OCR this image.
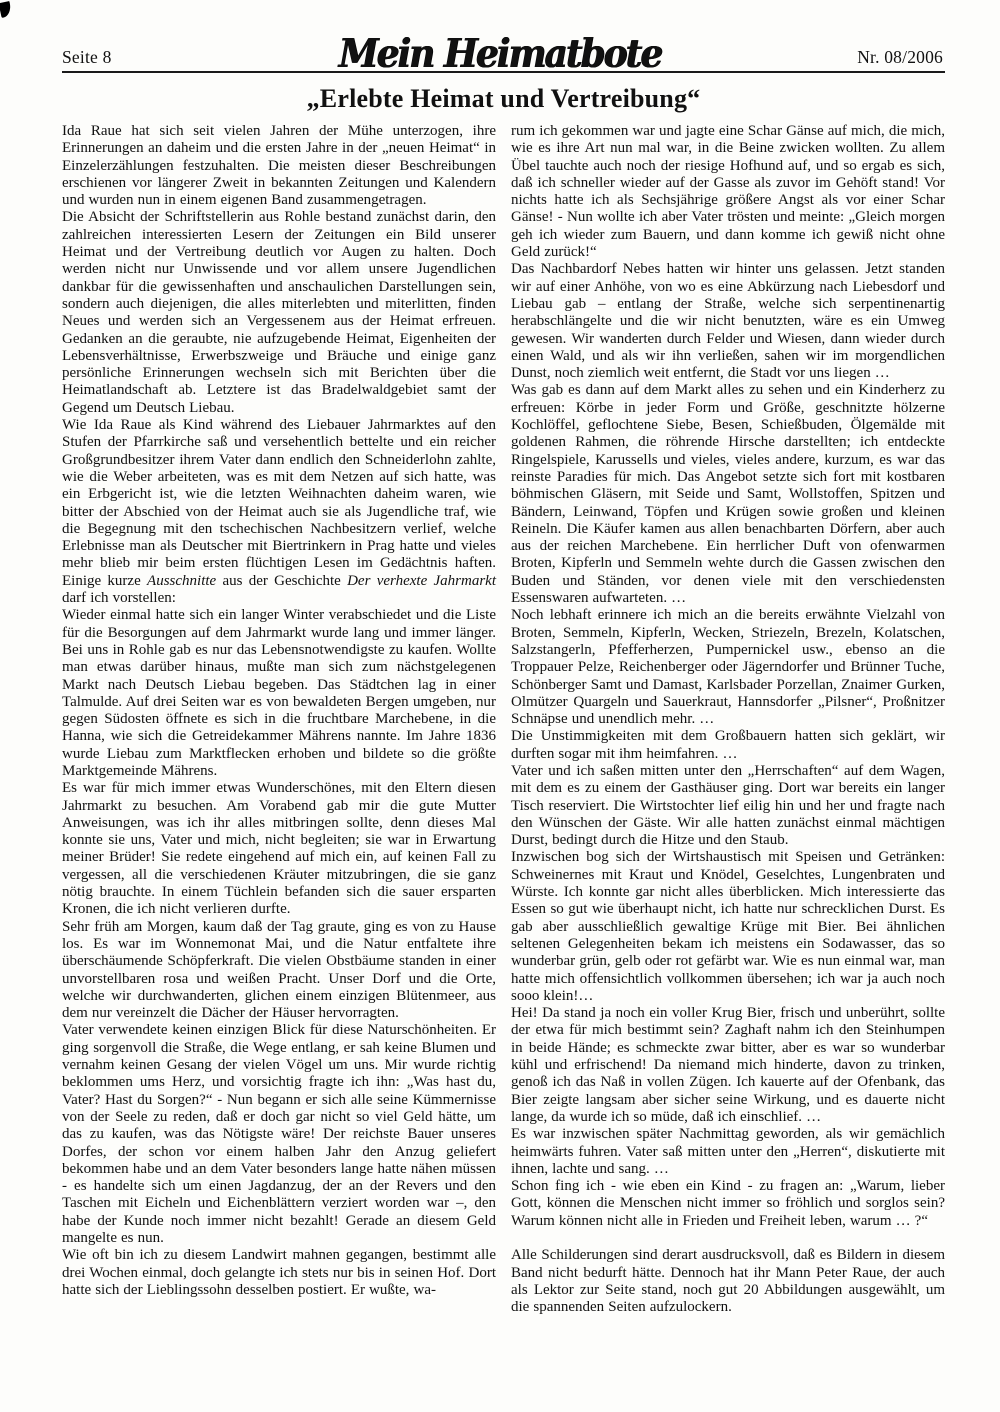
Seite 8	Mein Heimatbote	Nr. 08/2006
„Erlebte Heimat und Vertreibung“

Ida Raue hat sich seit vielen Jahren der Mühe unterzogen, ihre Erinnerungen an daheim und die ersten Jahre in der „neuen Heimat“ in Einzelerzählungen festzuhalten. Die meisten dieser Beschreibungen erschienen vor längerer Zweit in bekannten Zeitungen und Kalendern und wurden nun in einem eigenen Band zusammengetragen.

Die Absicht der Schriftstellerin aus Rohle bestand zunächst darin, den zahlreichen interessierten Lesern der Zeitungen ein Bild unserer Heimat und der Vertreibung deutlich vor Augen zu halten. Doch werden nicht nur Unwissende und vor allem unsere Jugendlichen dankbar für die gewissenhaften und anschaulichen Darstellungen sein, sondern auch diejenigen, die alles miterlebten und miterlitten, finden Neues und werden sich an Vergessenem aus der Heimat erfreuen. Gedanken an die geraubte, nie aufzugebende Heimat, Eigenheiten der Lebensverhältnisse, Erwerbszweige und Bräuche und einige ganz persönliche Erinnerungen wechseln sich mit Berichten über die Heimatlandschaft ab. Letztere ist das Bradelwaldgebiet samt der Gegend um Deutsch Liebau.

Wie Ida Raue als Kind während des Liebauer Jahrmarktes auf den Stufen der Pfarrkirche saß und versehentlich bettelte und ein reicher Großgrundbesitzer ihrem Vater dann endlich den Schneiderlohn zahlte, wie die Weber arbeiteten, was es mit dem Netzen auf sich hatte, was ein Erbgericht ist, wie die letzten Weihnachten daheim waren, wie bitter der Abschied von der Heimat auch sie als Jugendliche traf, wie die Begegnung mit den tschechischen Nachbesitzern verlief, welche Erlebnisse man als Deutscher mit Biertrinkern in Prag hatte und vieles mehr blieb mir beim ersten flüchtigen Lesen im Gedächtnis haften. Einige kurze Ausschnitte aus der Geschichte Der verhexte Jahrmarkt darf ich vorstellen:

Wieder einmal hatte sich ein langer Winter verabschiedet und die Liste für die Besorgungen auf dem Jahrmarkt wurde lang und immer länger. Bei uns in Rohle gab es nur das Lebensnotwendigste zu kaufen. Wollte man etwas darüber hinaus, mußte man sich zum nächstgelegenen Markt nach Deutsch Liebau begeben. Das Städtchen lag in einer Talmulde. Auf drei Seiten war es von bewaldeten Bergen umgeben, nur gegen Südosten öffnete es sich in die fruchtbare Marchebene, in die Hanna, wie sich die Getreidekammer Mährens nannte. Im Jahre 1836 wurde Liebau zum Marktflecken erhoben und bildete so die größte Marktgemeinde Mährens.

Es war für mich immer etwas Wunderschönes, mit den Eltern diesen Jahrmarkt zu besuchen. Am Vorabend gab mir die gute Mutter Anweisungen, was ich ihr alles mitbringen sollte, denn dieses Mal konnte sie uns, Vater und mich, nicht begleiten; sie war in Erwartung meiner Brüder! Sie redete eingehend auf mich ein, auf keinen Fall zu vergessen, all die verschiedenen Kräuter mitzubringen, die sie ganz nötig brauchte. In einem Tüchlein befanden sich die sauer ersparten Kronen, die ich nicht verlieren durfte.

Sehr früh am Morgen, kaum daß der Tag graute, ging es von zu Hause los. Es war im Wonnemonat Mai, und die Natur entfaltete ihre überschäumende Schöpferkraft. Die vielen Obstbäume standen in einer unvorstellbaren rosa und weißen Pracht. Unser Dorf und die Orte, welche wir durchwanderten, glichen einem einzigen Blütenmeer, aus dem nur vereinzelt die Dächer der Häuser hervorragten.

Vater verwendete keinen einzigen Blick für diese Naturschönheiten. Er ging sorgenvoll die Straße, die Wege entlang, er sah keine Blumen und vernahm keinen Gesang der vielen Vögel um uns. Mir wurde richtig beklommen ums Herz, und vorsichtig fragte ich ihn: „Was hast du, Vater? Hast du Sorgen?“ - Nun begann er sich alle seine Kümmernisse von der Seele zu reden, daß er doch gar nicht so viel Geld hätte, um das zu kaufen, was das Nötigste wäre! Der reichste Bauer unseres Dorfes, der schon vor einem halben Jahr den Anzug geliefert bekommen habe und an dem Vater besonders lange hatte nähen müssen - es handelte sich um einen Jagdanzug, der an der Revers und den Taschen mit Eicheln und Eichenblättern verziert worden war –, den habe der Kunde noch immer nicht bezahlt! Gerade an diesem Geld mangelte es nun.

Wie oft bin ich zu diesem Landwirt mahnen gegangen, bestimmt alle drei Wochen einmal, doch gelangte ich stets nur bis in seinen Hof. Dort hatte sich der Lieblingssohn desselben postiert. Er wußte, wa-

rum ich gekommen war und jagte eine Schar Gänse auf mich, die mich, wie es ihre Art nun mal war, in die Beine zwicken wollten. Zu allem Übel tauchte auch noch der riesige Hofhund auf, und so ergab es sich, daß ich schneller wieder auf der Gasse als zuvor im Gehöft stand! Vor nichts hatte ich als Sechsjährige größere Angst als vor einer Schar Gänse! - Nun wollte ich aber Vater trösten und meinte: „Gleich morgen geh ich wieder zum Bauern, und dann komme ich gewiß nicht ohne Geld zurück!“

Das Nachbardorf Nebes hatten wir hinter uns gelassen. Jetzt standen wir auf einer Anhöhe, von wo es eine Abkürzung nach Liebesdorf und Liebau gab – entlang der Straße, welche sich serpentinenartig herabschlängelte und die wir nicht benutzten, wäre es ein Umweg gewesen. Wir wanderten durch Felder und Wiesen, dann wieder durch einen Wald, und als wir ihn verließen, sahen wir im morgendlichen Dunst, noch ziemlich weit entfernt, die Stadt vor uns liegen …

Was gab es dann auf dem Markt alles zu sehen und ein Kinderherz zu erfreuen: Körbe in jeder Form und Größe, geschnitzte hölzerne Kochlöffel, geflochtene Siebe, Besen, Schießbuden, Ölgemälde mit goldenen Rahmen, die röhrende Hirsche darstellten; ich entdeckte Ringelspiele, Karussells und vieles, vieles andere, kurzum, es war das reinste Paradies für mich. Das Angebot setzte sich fort mit kostbaren böhmischen Gläsern, mit Seide und Samt, Wollstoffen, Spitzen und Bändern, Leinwand, Töpfen und Krügen sowie großen und kleinen Reineln. Die Käufer kamen aus allen benachbarten Dörfern, aber auch aus der reichen Marchebene. Ein herrlicher Duft von ofenwarmen Broten, Kipferln und Semmeln wehte durch die Gassen zwischen den Buden und Ständen, vor denen viele mit den verschiedensten Essenswaren aufwarteten. …

Noch lebhaft erinnere ich mich an die bereits erwähnte Vielzahl von Broten, Semmeln, Kipferln, Wecken, Striezeln, Brezeln, Kolatschen, Salzstangerln, Pfefferherzen, Pumpernickel usw., ebenso an die Troppauer Pelze, Reichenberger oder Jägerndorfer und Brünner Tuche, Schönberger Samt und Damast, Karlsbader Porzellan, Znaimer Gurken, Olmützer Quargeln und Sauerkraut, Hannsdorfer „Pilsner“, Proßnitzer Schnäpse und unendlich mehr. …

Die Unstimmigkeiten mit dem Großbauern hatten sich geklärt, wir durften sogar mit ihm heimfahren. …

Vater und ich saßen mitten unter den „Herrschaften“ auf dem Wagen, mit dem es zu einem der Gasthäuser ging. Dort war bereits ein langer Tisch reserviert. Die Wirtstochter lief eilig hin und her und fragte nach den Wünschen der Gäste. Wir alle hatten zunächst einmal mächtigen Durst, bedingt durch die Hitze und den Staub.

Inzwischen bog sich der Wirtshaustisch mit Speisen und Getränken: Schweinernes mit Kraut und Knödel, Geselchtes, Lungenbraten und Würste. Ich konnte gar nicht alles überblicken. Mich interessierte das Essen so gut wie überhaupt nicht, ich hatte nur schrecklichen Durst. Es gab aber ausschließlich gewaltige Krüge mit Bier. Bei ähnlichen seltenen Gelegenheiten bekam ich meistens ein Sodawasser, das so wunderbar grün, gelb oder rot gefärbt war. Wie es nun einmal war, man hatte mich offensichtlich vollkommen übersehen; ich war ja auch noch sooo klein!…

Hei! Da stand ja noch ein voller Krug Bier, frisch und unberührt, sollte der etwa für mich bestimmt sein? Zaghaft nahm ich den Steinhumpen in beide Hände; es schmeckte zwar bitter, aber es war so wunderbar kühl und erfrischend! Da niemand mich hinderte, davon zu trinken, genoß ich das Naß in vollen Zügen. Ich kauerte auf der Ofenbank, das Bier zeigte langsam aber sicher seine Wirkung, und es dauerte nicht lange, da wurde ich so müde, daß ich einschlief. …

Es war inzwischen später Nachmittag geworden, als wir gemächlich heimwärts fuhren. Vater saß mitten unter den „Herren“, diskutierte mit ihnen, lachte und sang. …

Schon fing ich - wie eben ein Kind - zu fragen an: „Warum, lieber Gott, können die Menschen nicht immer so fröhlich und sorglos sein? Warum können nicht alle in Frieden und Freiheit leben, warum … ?“

Alle Schilderungen sind derart ausdrucksvoll, daß es Bildern in diesem Band nicht bedurft hätte. Dennoch hat ihr Mann Peter Raue, der auch als Lektor zur Seite stand, noch gut 20 Abbildungen ausgewählt, um die spannenden Seiten aufzulockern.
